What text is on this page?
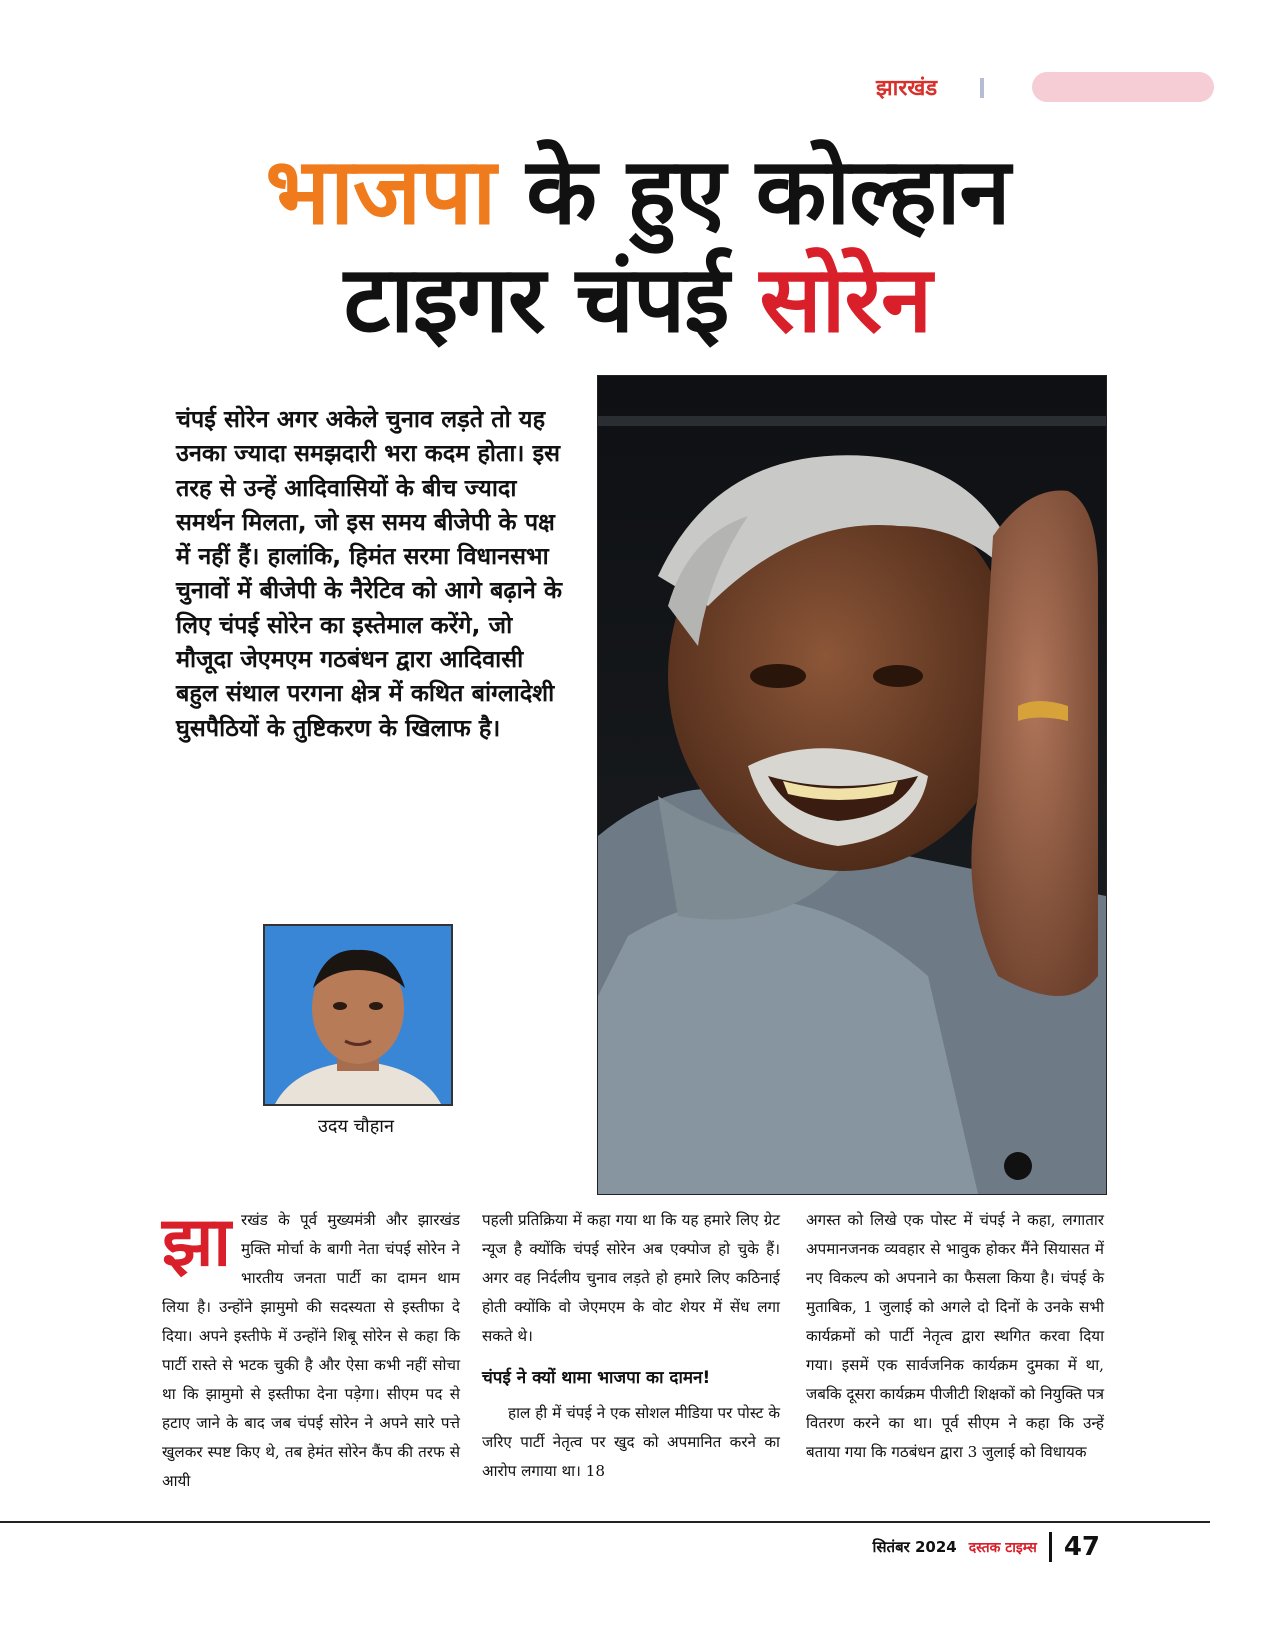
झारखंड
भाजपा के हुए कोल्हान
टाइगर चंपई सोरेन
चंपई सोरेन अगर अकेले चुनाव लड़ते तो यह उनका ज्यादा समझदारी भरा कदम होता। इस तरह से उन्हें आदिवासियों के बीच ज्यादा समर्थन मिलता, जो इस समय बीजेपी के पक्ष में नहीं हैं। हालांकि, हिमंत सरमा विधानसभा चुनावों में बीजेपी के नैरेटिव को आगे बढ़ाने के लिए चंपई सोरेन का इस्तेमाल करेंगे, जो मौजूदा जेएमएम गठबंधन द्वारा आदिवासी बहुल संथाल परगना क्षेत्र में कथित बांग्लादेशी घुसपैठियों के तुष्टिकरण के खिलाफ है।
उदय चौहान
झा रखंड के पूर्व मुख्यमंत्री और झारखंड मुक्ति मोर्चा के बागी नेता चंपई सोरेन ने भारतीय जनता पार्टी का दामन थाम लिया है। उन्होंने झामुमो की सदस्यता से इस्तीफा दे दिया। अपने इस्तीफे में उन्होंने शिबू सोरेन से कहा कि पार्टी रास्ते से भटक चुकी है और ऐसा कभी नहीं सोचा था कि झामुमो से इस्तीफा देना पड़ेगा। सीएम पद से हटाए जाने के बाद जब चंपई सोरेन ने अपने सारे पत्ते खुलकर स्पष्ट किए थे, तब हेमंत सोरेन कैंप की तरफ से आयी

पहली प्रतिक्रिया में कहा गया था कि यह हमारे लिए ग्रेट न्यूज है क्योंकि चंपई सोरेन अब एक्पोज हो चुके हैं। अगर वह निर्दलीय चुनाव लड़ते हो हमारे लिए कठिनाई होती क्योंकि वो जेएमएम के वोट शेयर में सेंध लगा सकते थे।

चंपई ने क्यों थामा भाजपा का दामन!

हाल ही में चंपई ने एक सोशल मीडिया पर पोस्ट के जरिए पार्टी नेतृत्व पर खुद को अपमानित करने का आरोप लगाया था। 18

अगस्त को लिखे एक पोस्ट में चंपई ने कहा, लगातार अपमानजनक व्यवहार से भावुक होकर मैंने सियासत में नए विकल्प को अपनाने का फैसला किया है। चंपई के मुताबिक, 1 जुलाई को अगले दो दिनों के उनके सभी कार्यक्रमों को पार्टी नेतृत्व द्वारा स्थगित करवा दिया गया। इसमें एक सार्वजनिक कार्यक्रम दुमका में था, जबकि दूसरा कार्यक्रम पीजीटी शिक्षकों को नियुक्ति पत्र वितरण करने का था। पूर्व सीएम ने कहा कि उन्हें बताया गया कि गठबंधन द्वारा 3 जुलाई को विधायक

सितंबर 2024 दस्तक टाइम्स 47
